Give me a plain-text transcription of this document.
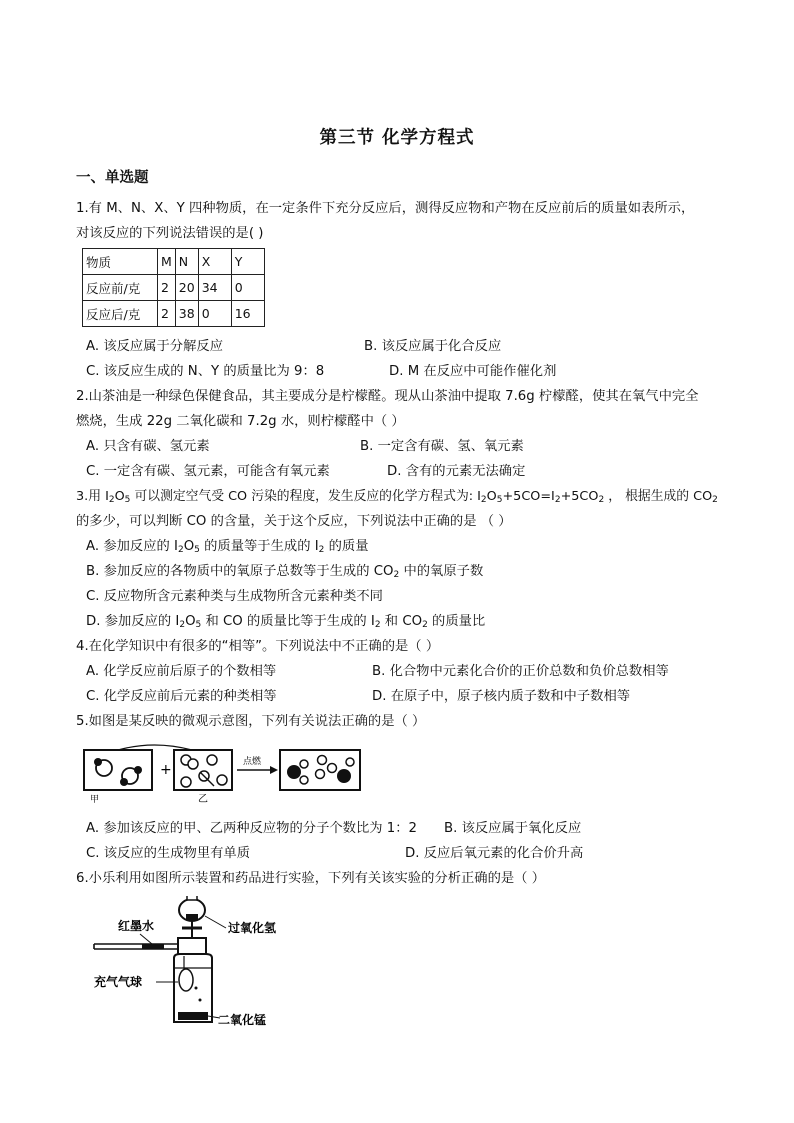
第三节 化学方程式
一、单选题
1.有 M、N、X、Y 四种物质，在一定条件下充分反应后，测得反应物和产物在反应前后的质量如表所示，
对该反应的下列说法错误的是( )
物质	M	N	X	Y
反应前/克	2	20	34	0
反应后/克	2	38	0	16
A. 该反应属于分解反应	B. 该反应属于化合反应
C. 该反应生成的 N、Y 的质量比为 9：8	D. M 在反应中可能作催化剂
2.山茶油是一种绿色保健食品，其主要成分是柠檬醛。现从山茶油中提取 7.6g 柠檬醛，使其在氧气中完全
燃烧，生成 22g 二氧化碳和 7.2g 水，则柠檬醛中（ ）
A. 只含有碳、氢元素	B. 一定含有碳、氢、氧元素
C. 一定含有碳、氢元素，可能含有氧元素	D. 含有的元素无法确定
3.用 $I_2O_5$ 可以测定空气受 CO 污染的程度，发生反应的化学方程式为: $I_2O_5+5CO=I_2+5CO_2$ ， 根据生成的 $CO_2$
的多少，可以判断 CO 的含量，关于这个反应，下列说法中正确的是 （ ）
A. 参加反应的 $I_2O_5$ 的质量等于生成的 $I_2$ 的质量
B. 参加反应的各物质中的氧原子总数等于生成的 $CO_2$ 中的氧原子数
C. 反应物所含元素种类与生成物所含元素种类不同
D. 参加反应的 $I_2O_5$ 和 CO 的质量比等于生成的 $I_2$ 和 $CO_2$ 的质量比
4.在化学知识中有很多的“相等”。下列说法中不正确的是（ ）
A. 化学反应前后原子的个数相等	B. 化合物中元素化合价的正价总数和负价总数相等
C. 化学反应前后元素的种类相等	D. 在原子中，原子核内质子数和中子数相等
5.如图是某反映的微观示意图，下列有关说法正确的是（ ）
+	点燃
甲	乙
A. 参加该反应的甲、乙两种反应物的分子个数比为 1：2 B. 该反应属于氧化反应
C. 该反应的生成物里有单质	D. 反应后氧元素的化合价升高
6.小乐利用如图所示装置和药品进行实验，下列有关该实验的分析正确的是（ ）
过氧化氢
红墨水
充气气球
二氧化锰
